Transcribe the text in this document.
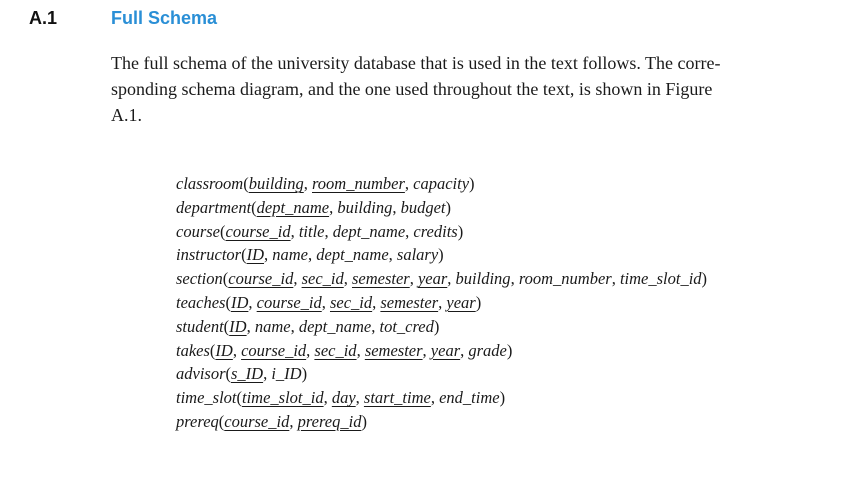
A.1	Full Schema
The full schema of the university database that is used in the text follows. The corre-
sponding schema diagram, and the one used throughout the text, is shown in Figure
A.1.
classroom(building, room_number, capacity)
department(dept_name, building, budget)
course(course_id, title, dept_name, credits)
instructor(ID, name, dept_name, salary)
section(course_id, sec_id, semester, year, building, room_number, time_slot_id)
teaches(ID, course_id, sec_id, semester, year)
student(ID, name, dept_name, tot_cred)
takes(ID, course_id, sec_id, semester, year, grade)
advisor(s_ID, i_ID)
time_slot(time_slot_id, day, start_time, end_time)
prereq(course_id, prereq_id)
